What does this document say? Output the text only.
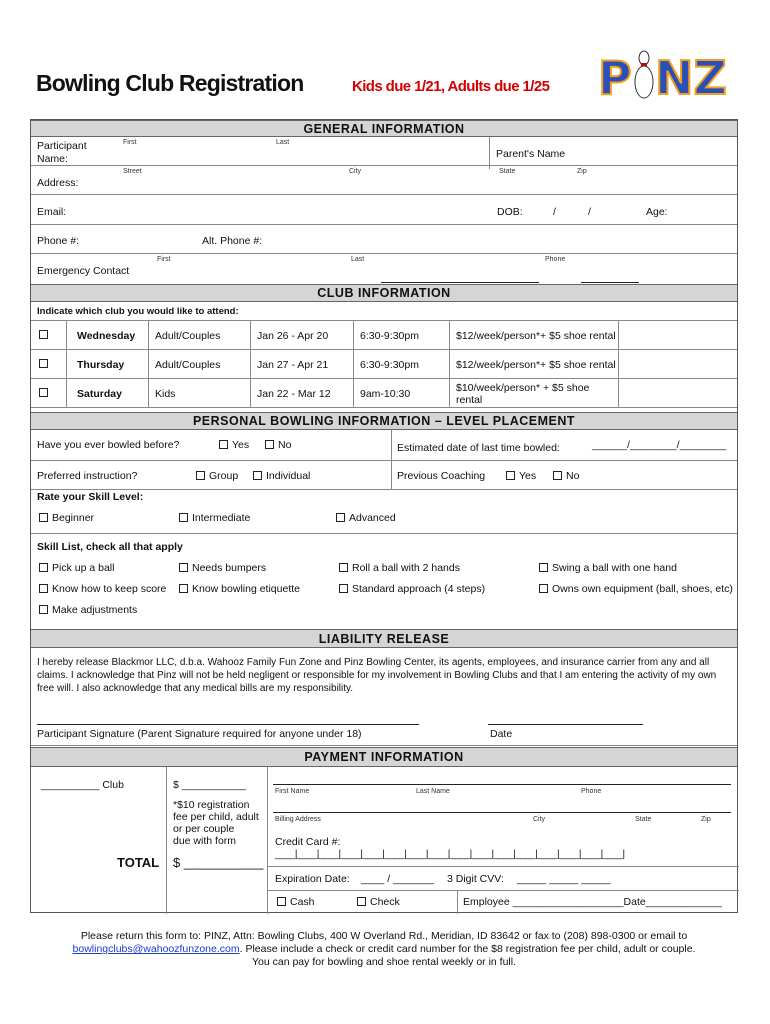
Bowling Club Registration	Kids due 1/21, Adults due 1/25 P NZ
GENERAL INFORMATION
Participant Name:
First	Last
Parent's Name
Street	City	State	Zip
Address:
Email:	DOB:	/	/	Age:
Phone #:	Alt. Phone #:
First	Last	Phone
Emergency Contact
CLUB INFORMATION
Indicate which club you would like to attend:
Wednesday Adult/Couples	Jan 26 - Apr 20	6:30-9:30pm	$12/week/person*+ $5 shoe rental
Thursday	Adult/Couples	Jan 27 - Apr 21	6:30-9:30pm	$12/week/person*+ $5 shoe rental
Saturday	Kids	Jan 22 - Mar 12	9am-10:30	$10/week/person* + $5 shoe
rental
PERSONAL BOWLING INFORMATION – LEVEL PLACEMENT
Have you ever bowled before?	Yes	No	Estimated date of last time bowled:	______/________/________
Preferred instruction?	Group	Individual	Previous Coaching	Yes	No
Rate your Skill Level:
Beginner	Intermediate	Advanced
Skill List, check all that apply
Pick up a ball	Needs bumpers	Roll a ball with 2 hands	Swing a ball with one hand
Know how to keep score	Know bowling etiquette	Standard approach (4 steps)	Owns own equipment (ball, shoes, etc)
Make adjustments
LIABILITY RELEASE
I hereby release Blackmor LLC, d.b.a. Wahooz Family Fun Zone and Pinz Bowling Center, its agents, employees, and insurance carrier from any and all
claims. I acknowledge that Pinz will not be held negligent or responsible for my involvement in Bowling Clubs and that I am entering the activity of my own
free will. I also acknowledge that any medical bills are my responsibility.
Participant Signature (Parent Signature required for anyone under 18)	Date
PAYMENT INFORMATION
__________ Club	$ ___________
*$10 registration
fee per child, adult
or per couple
due with form
TOTAL $ ___________
First Name	Last Name	Phone
Billing Address	City	State	Zip
Credit Card #:
____|____|____|____|____|____|____|____|____|____|____|____|____|____|____|____|
Expiration Date: ____ / _______ 3 Digit CVV: _____ _____ _____
Cash	Check	Employee ___________________Date_____________
Please return this form to: PINZ, Attn: Bowling Clubs, 400 W Overland Rd., Meridian, ID 83642 or fax to (208) 898-0300 or email to
bowlingclubs@wahoozfunzone.com. Please include a check or credit card number for the $8 registration fee per child, adult or couple.
You can pay for bowling and shoe rental weekly or in full.
